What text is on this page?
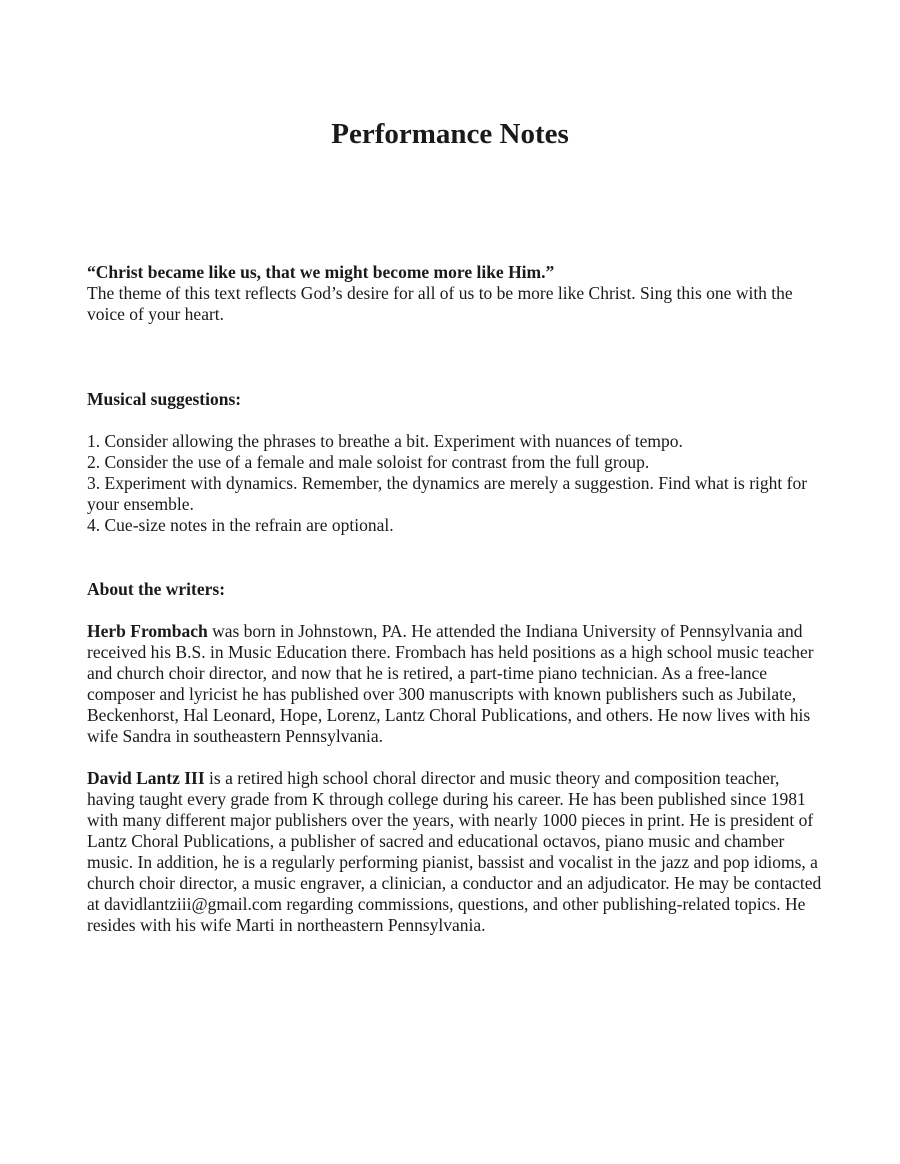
Performance Notes

“Christ became like us, that we might become more like Him.”

The theme of this text reflects God’s desire for all of us to be more like Christ. Sing this one with the voice of your heart.

Musical suggestions:

1. Consider allowing the phrases to breathe a bit. Experiment with nuances of tempo.
2. Consider the use of a female and male soloist for contrast from the full group.
3. Experiment with dynamics. Remember, the dynamics are merely a suggestion. Find what is right for your ensemble.
4. Cue-size notes in the refrain are optional.

About the writers:

Herb Frombach was born in Johnstown, PA. He attended the Indiana University of Pennsylvania and received his B.S. in Music Education there. Frombach has held positions as a high school music teacher and church choir director, and now that he is retired, a part-time piano technician. As a free-lance composer and lyricist he has published over 300 manuscripts with known publishers such as Jubilate, Beckenhorst, Hal Leonard, Hope, Lorenz, Lantz Choral Publications, and others. He now lives with his wife Sandra in southeastern Pennsylvania.

David Lantz III is a retired high school choral director and music theory and composition teacher, having taught every grade from K through college during his career. He has been published since 1981 with many different major publishers over the years, with nearly 1000 pieces in print. He is president of Lantz Choral Publications, a publisher of sacred and educational octavos, piano music and chamber music. In addition, he is a regularly performing pianist, bassist and vocalist in the jazz and pop idioms, a church choir director, a music engraver, a clinician, a conductor and an adjudicator. He may be contacted at davidlantziii@gmail.com regarding commissions, questions, and other publishing-related topics. He resides with his wife Marti in northeastern Pennsylvania.
